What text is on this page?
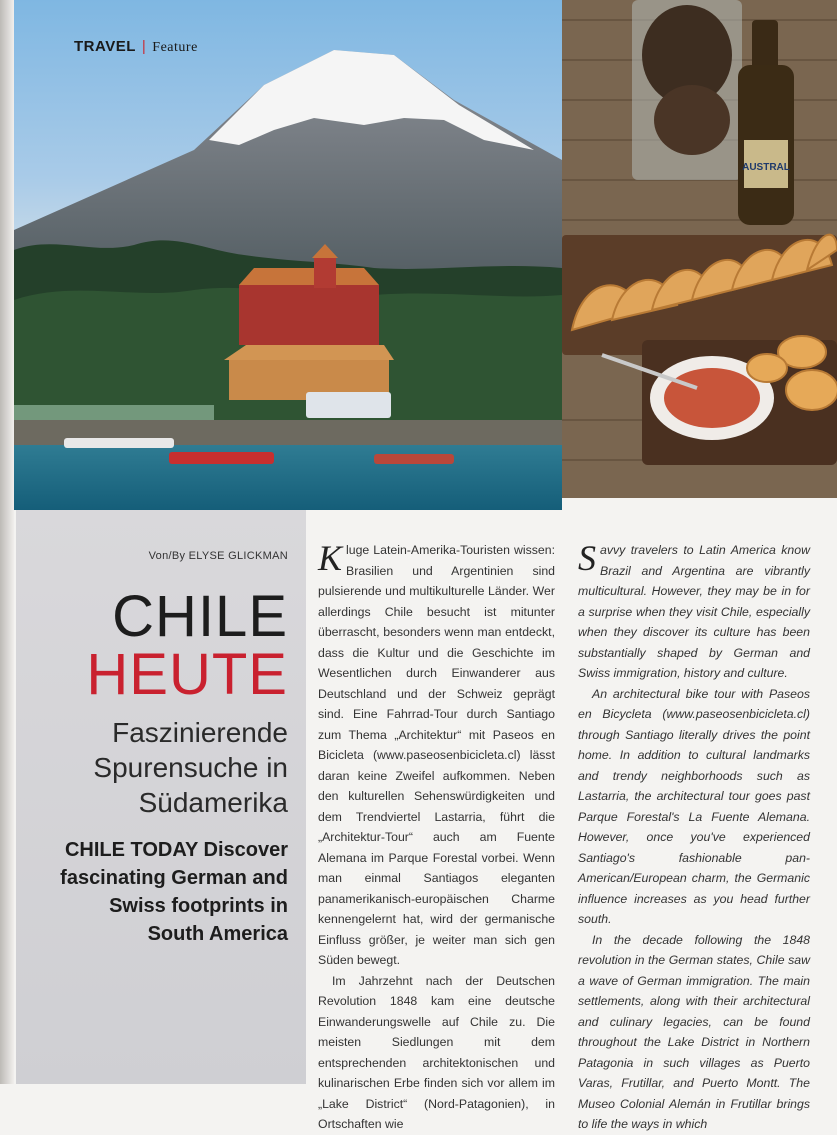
TRAVEL | Feature
AUSTRAL
Von/By ELYSE GLICKMAN
CHILE
HEUTE
Faszinierende Spurensuche in Südamerika
CHILE TODAY Discover fascinating German and Swiss footprints in South America

Kluge Latein-Amerika-Touristen wissen: Brasilien und Argentinien sind pulsierende und multikulturelle Länder. Wer allerdings Chile besucht ist mitunter überrascht, besonders wenn man entdeckt, dass die Kultur und die Geschichte im Wesentlichen durch Einwanderer aus Deutschland und der Schweiz geprägt sind. Eine Fahrrad-Tour durch Santiago zum Thema „Architektur“ mit Paseos en Bicicleta (www.paseosenbicicleta.cl) lässt daran keine Zweifel aufkommen. Neben den kulturellen Sehenswürdigkeiten und dem Trendviertel Lastarria, führt die „Architektur-Tour“ auch am Fuente Alemana im Parque Forestal vorbei. Wenn man einmal Santiagos eleganten panamerikanisch-europäischen Charme kennengelernt hat, wird der germanische Einfluss größer, je weiter man sich gen Süden bewegt.

Im Jahrzehnt nach der Deutschen Revolution 1848 kam eine deutsche Einwanderungswelle auf Chile zu. Die meisten Siedlungen mit dem entsprechenden architektonischen und kulinarischen Erbe finden sich vor allem im „Lake District“ (Nord-Patagonien), in Ortschaften wie

Savvy travelers to Latin America know Brazil and Argentina are vibrantly multicultural. However, they may be in for a surprise when they visit Chile, especially when they discover its culture has been substantially shaped by German and Swiss immigration, history and culture.

An architectural bike tour with Paseos en Bicycleta (www.paseosenbicicleta.cl) through Santiago literally drives the point home. In addition to cultural landmarks and trendy neighborhoods such as Lastarria, the architectural tour goes past Parque Forestal's La Fuente Alemana. However, once you've experienced Santiago's fashionable pan-American/European charm, the Germanic influence increases as you head further south.

In the decade following the 1848 revolution in the German states, Chile saw a wave of German immigration. The main settlements, along with their architectural and culinary legacies, can be found throughout the Lake District in Northern Patagonia in such villages as Puerto Varas, Frutillar, and Puerto Montt. The Museo Colonial Alemán in Frutillar brings to life the ways in which
